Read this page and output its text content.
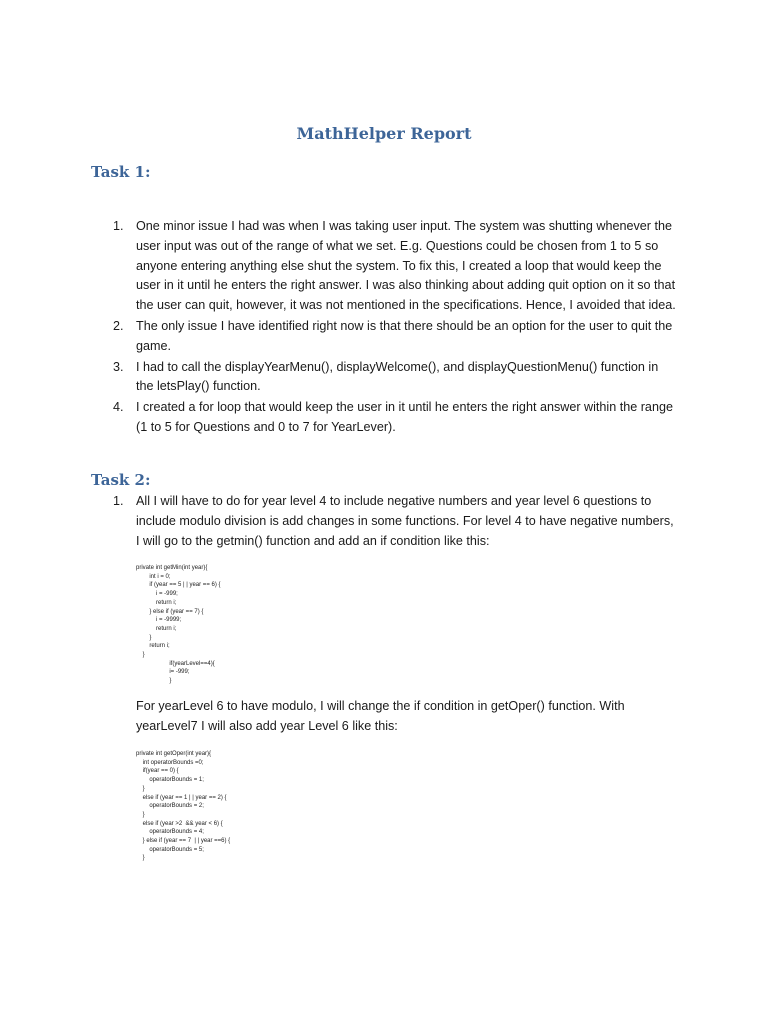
MathHelper Report
Task 1:
1. One minor issue I had was when I was taking user input. The system was shutting whenever the user input was out of the range of what we set. E.g. Questions could be chosen from 1 to 5 so anyone entering anything else shut the system. To fix this, I created a loop that would keep the user in it until he enters the right answer. I was also thinking about adding quit option on it so that the user can quit, however, it was not mentioned in the specifications. Hence, I avoided that idea.
2. The only issue I have identified right now is that there should be an option for the user to quit the game.
3. I had to call the displayYearMenu(), displayWelcome(), and displayQuestionMenu() function in the letsPlay() function.
4. I created a for loop that would keep the user in it until he enters the right answer within the range (1 to 5 for Questions and 0 to 7 for YearLever).
Task 2:
1. All I will have to do for year level 4 to include negative numbers and year level 6 questions to include modulo division is add changes in some functions. For level 4 to have negative numbers, I will go to the getmin() function and add an if condition like this:
private int getMin(int year){
int i = 0;
if (year == 5 | | year == 6) {
i = -999;
return i;
} else if (year == 7) {
i = -9999;
return i;
}
return i;
}
if(yearLevel==4){
i= -999;
}
For yearLevel 6 to have modulo, I will change the if condition in getOper() function. With yearLevel7 I will also add year Level 6 like this:
private int getOper(int year){
int operatorBounds =0;
if(year == 0) {
operatorBounds = 1;
}
else if (year == 1 | | year == 2) {
operatorBounds = 2;
}
else if (year >2  && year < 6) {
operatorBounds = 4;
} else if (year == 7  | | year ==6) {
operatorBounds = 5;
}
